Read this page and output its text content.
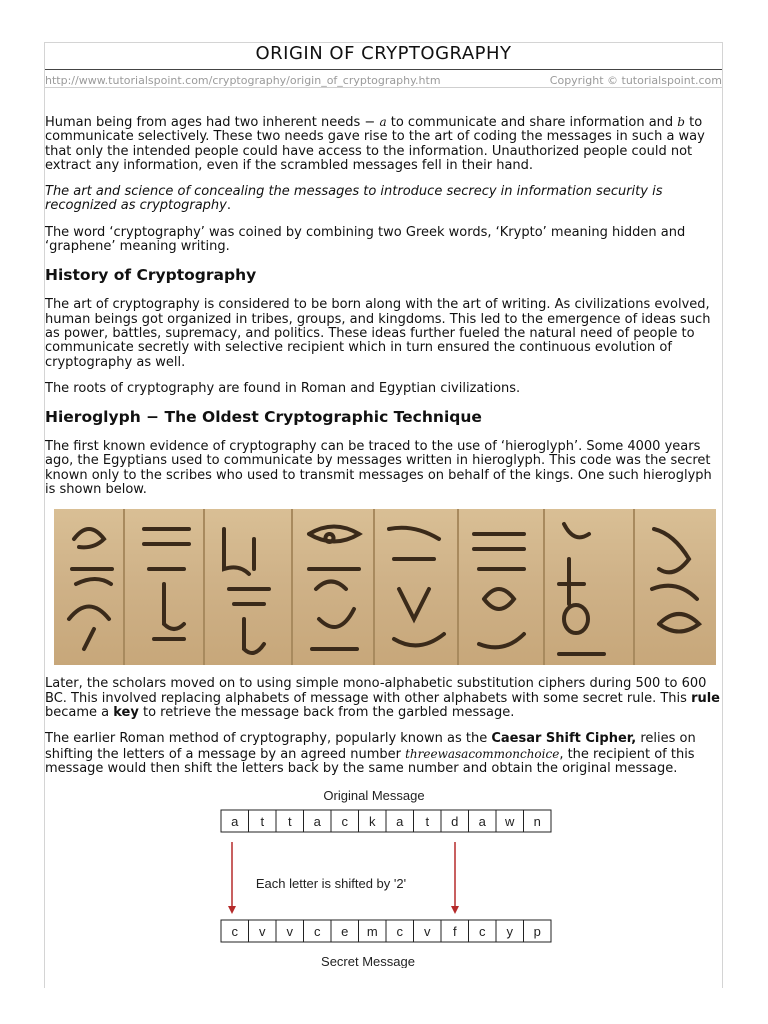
ORIGIN OF CRYPTOGRAPHY
http://www.tutorialspoint.com/cryptography/origin_of_cryptography.htm	Copyright © tutorialspoint.com

Human being from ages had two inherent needs − a to communicate and share information and b to communicate selectively. These two needs gave rise to the art of coding the messages in such a way that only the intended people could have access to the information. Unauthorized people could not extract any information, even if the scrambled messages fell in their hand.

The art and science of concealing the messages to introduce secrecy in information security is recognized as cryptography.

The word ‘cryptography’ was coined by combining two Greek words, ‘Krypto’ meaning hidden and ‘graphene’ meaning writing.

History of Cryptography

The art of cryptography is considered to be born along with the art of writing. As civilizations evolved, human beings got organized in tribes, groups, and kingdoms. This led to the emergence of ideas such as power, battles, supremacy, and politics. These ideas further fueled the natural need of people to communicate secretly with selective recipient which in turn ensured the continuous evolution of cryptography as well.

The roots of cryptography are found in Roman and Egyptian civilizations.

Hieroglyph − The Oldest Cryptographic Technique

The first known evidence of cryptography can be traced to the use of ‘hieroglyph’. Some 4000 years ago, the Egyptians used to communicate by messages written in hieroglyph. This code was the secret known only to the scribes who used to transmit messages on behalf of the kings. One such hieroglyph is shown below.

Later, the scholars moved on to using simple mono-alphabetic substitution ciphers during 500 to 600 BC. This involved replacing alphabets of message with other alphabets with some secret rule. This rule became a key to retrieve the message back from the garbled message.

The earlier Roman method of cryptography, popularly known as the Caesar Shift Cipher, relies on shifting the letters of a message by an agreed number threewasacommonchoice, the recipient of this message would then shift the letters back by the same number and obtain the original message.

Original Message
a t t a c k a t d a w n
Each letter is shifted by '2'
c v v c e m c v f c y p
Secret Message
